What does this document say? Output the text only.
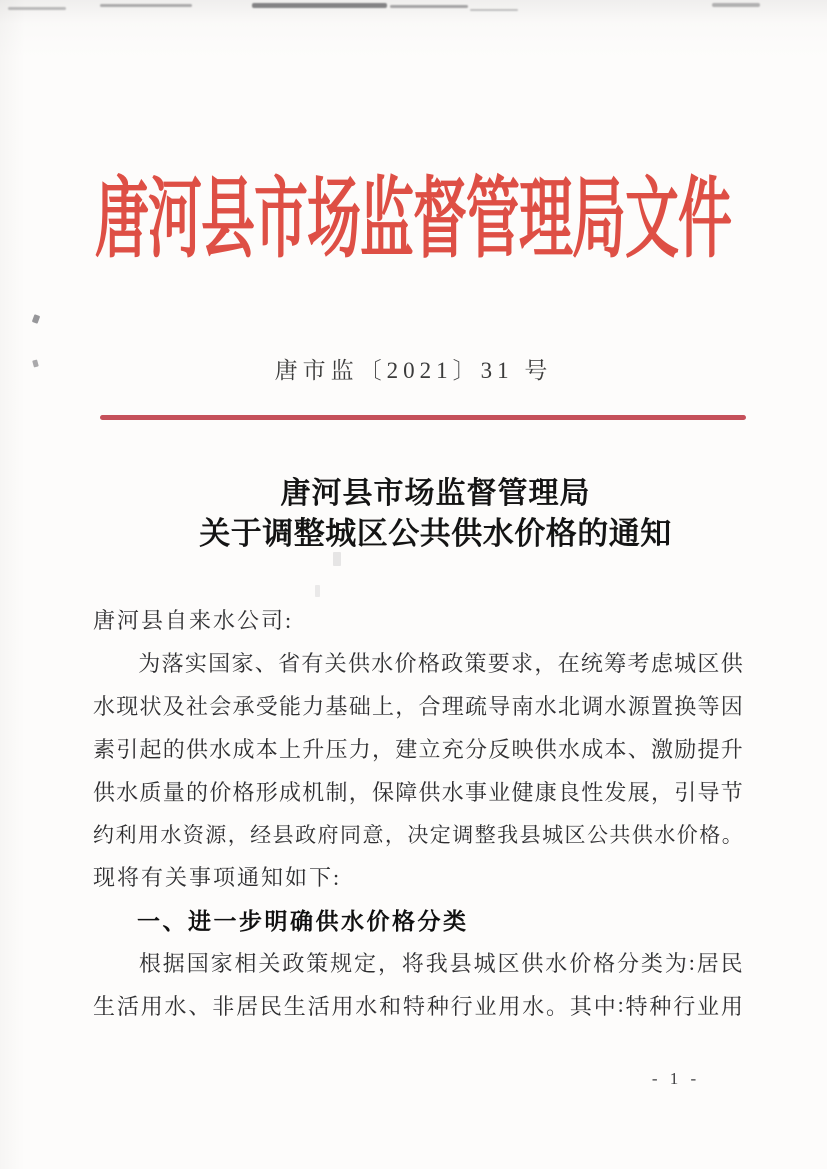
唐河县市场监督管理局文件
唐市监〔2021〕31 号
唐河县市场监督管理局
关于调整城区公共供水价格的通知
唐河县自来水公司:
为 落 实 国 家 、 省 有 关 供 水 价 格 政 策 要 求 ， 在 统 筹 考 虑 城 区 供
水 现 状 及 社 会 承 受 能 力 基 础 上 ， 合 理 疏 导 南 水 北 调 水 源 置 换 等 因
素 引 起 的 供 水 成 本 上 升 压 力 ， 建 立 充 分 反 映 供 水 成 本 、 激 励 提 升
供 水 质 量 的 价 格 形 成 机 制 ， 保 障 供 水 事 业 健 康 良 性 发 展 ， 引 导 节
约 利 用 水 资 源 ， 经 县 政 府 同 意 ， 决 定 调 整 我 县 城 区 公 共 供 水 价 格 。
现将有关事项通知如下:
一、进一步明确供水价格分类
根 据 国 家 相 关 政 策 规 定 ， 将 我 县 城 区 供 水 价 格 分 类 为 : 居 民
生 活 用 水 、 非 居 民 生 活 用 水 和 特 种 行 业 用 水 。 其 中 : 特 种 行 业 用
- 1 -
